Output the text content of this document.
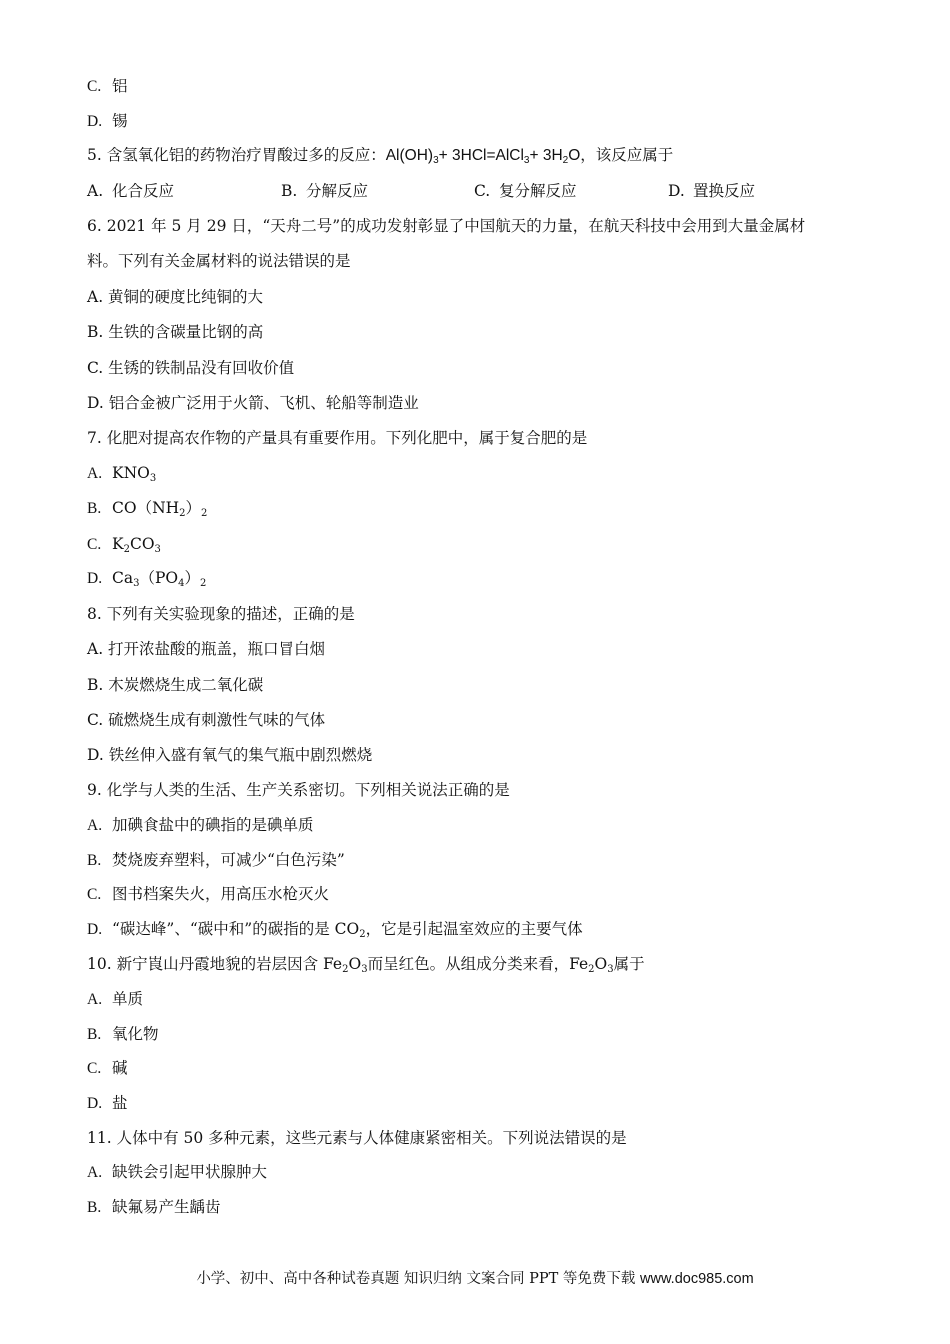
C. 铝
D. 锡
5. 含氢氧化铝的药物治疗胃酸过多的反应：$Al(OH)_3+$ 3HCl=AlCl$_3$+ $3H_2O$，该反应属于
A. 化合反应	B. 分解反应	C. 复分解反应	D. 置换反应
6. 2021 年 5 月 29 日，“天舟二号”的成功发射彰显了中国航天的力量，在航天科技中会用到大量金属材
料。下列有关金属材料的说法错误的是
A. 黄铜的硬度比纯铜的大
B. 生铁的含碳量比钢的高
C. 生锈的铁制品没有回收价值
D. 铝合金被广泛用于火箭、飞机、轮船等制造业
7. 化肥对提高农作物的产量具有重要作用。下列化肥中，属于复合肥的是
A. $KNO_3$
B. $CO(NH_2)_2$
C. $K_2CO_3$
D. $Ca_3(PO_4)_2$
8. 下列有关实验现象的描述，正确的是
A. 打开浓盐酸的瓶盖，瓶口冒白烟
B. 木炭燃烧生成二氧化碳
C. 硫燃烧生成有刺激性气味的气体
D. 铁丝伸入盛有氧气的集气瓶中剧烈燃烧
9. 化学与人类的生活、生产关系密切。下列相关说法正确的是
A. 加碘食盐中的碘指的是碘单质
B. 焚烧废弃塑料，可减少“白色污染”
C. 图书档案失火，用高压水枪灭火
D. “碳达峰”、“碳中和”的碳指的是 $CO_2$，它是引起温室效应的主要气体
10. 新宁崀山丹霞地貌的岩层因含 $Fe_2O_3$而呈红色。从组成分类来看，$Fe_2O_3$属于
A. 单质
B. 氧化物
C. 碱
D. 盐
11. 人体中有 50 多种元素，这些元素与人体健康紧密相关。下列说法错误的是
A. 缺铁会引起甲状腺肿大
B. 缺氟易产生龋齿
小学、初中、高中各种试卷真题 知识归纳 文案合同 PPT 等免费下载 www.doc985.com
